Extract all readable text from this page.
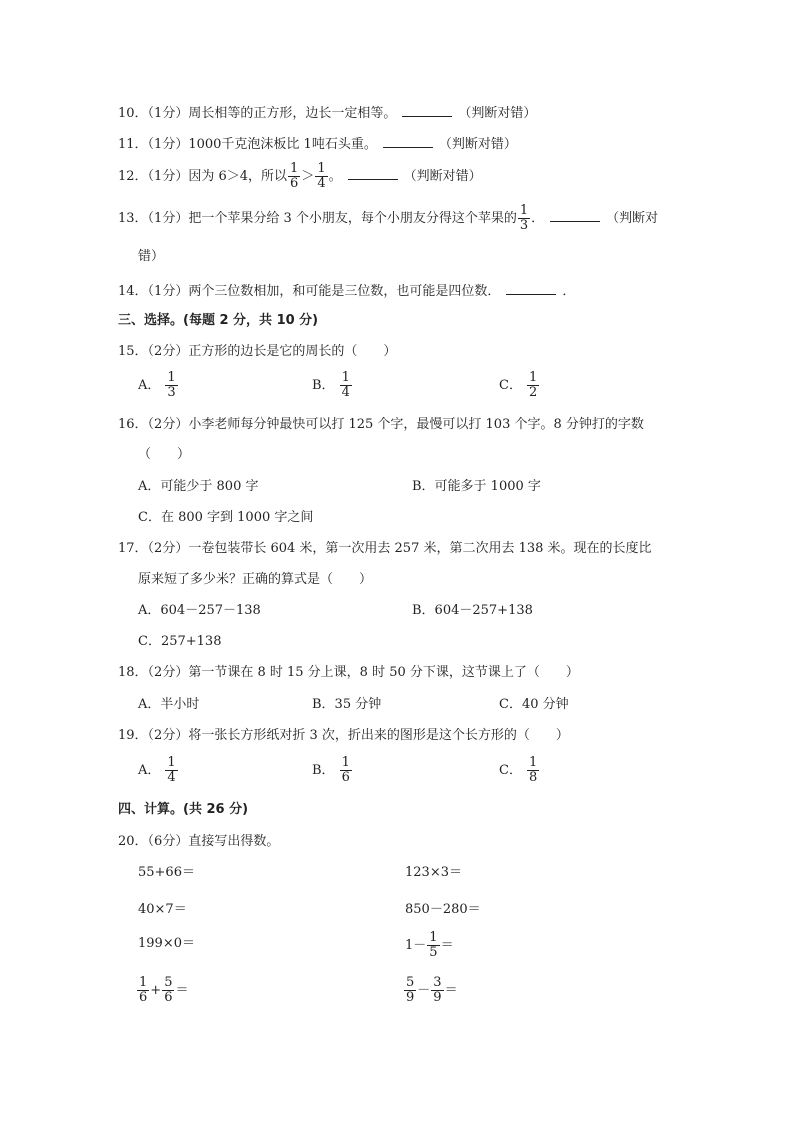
10．（1分）周长相等的正方形，边长一定相等。	（判断对错）
11．（1分）1000千克泡沫板比 1吨石头重。	（判断对错）
12．（1分）因为 6＞4，所以 $\frac{1}{6} > \frac{1}{4}$ 。	（判断对错）
13．（1分）把一个苹果分给 3 个小朋友，每个小朋友分得这个苹果的 $\frac{1}{3}$ ．	（判断对
错）
14．（1分）两个三位数相加，和可能是三位数，也可能是四位数．	．
三、选择。(每题 2 分，共 10 分)
15．（2分）正方形的边长是它的周长的（　　）
A． $\frac{1}{3}$	B． $\frac{1}{4}$	C． $\frac{1}{2}$
16．（2分）小李老师每分钟最快可以打 125 个字，最慢可以打 103 个字。8 分钟打的字数
（　　）
A．可能少于 800 字	B．可能多于 1000 字
C．在 800 字到 1000 字之间
17．（2分）一卷包装带长 604 米，第一次用去 257 米，第二次用去 138 米。现在的长度比
原来短了多少米？正确的算式是（　　）
A．604－257－138	B．604－257+138
C．257+138
18．（2分）第一节课在 8 时 15 分上课，8 时 50 分下课，这节课上了（　　）
A．半小时	B．35 分钟	C．40 分钟
19．（2分）将一张长方形纸对折 3 次，折出来的图形是这个长方形的（　　）
A． $\frac{1}{4}$	B． $\frac{1}{6}$	C． $\frac{1}{8}$
四、计算。(共 26 分)
20．（6分）直接写出得数。
55+66＝	123×3＝
40×7＝	850－280＝
199×0＝	$1- \frac{1}{5}$ ＝
$\frac{1}{6} + \frac{5}{6}$ ＝	$\frac{5}{9} - \frac{3}{9}$ ＝
